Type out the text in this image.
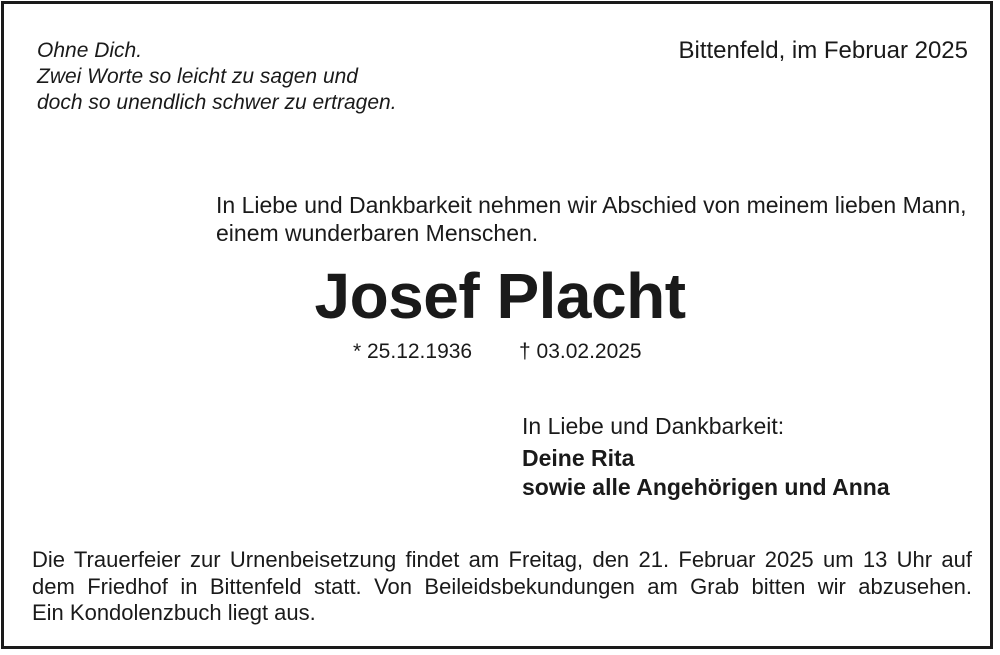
Ohne Dich.
Zwei Worte so leicht zu sagen und
doch so unendlich schwer zu ertragen.
Bittenfeld, im Februar 2025
In Liebe und Dankbarkeit nehmen wir Abschied von meinem lieben Mann,
einem wunderbaren Menschen.
Josef Placht
* 25.12.1936 † 03.02.2025
In Liebe und Dankbarkeit:
Deine Rita
sowie alle Angehörigen und Anna
Die Trauerfeier zur Urnenbeisetzung findet am Freitag, den 21. Februar 2025 um 13 Uhr auf
dem Friedhof in Bittenfeld statt. Von Beileidsbekundungen am Grab bitten wir abzusehen.
Ein Kondolenzbuch liegt aus.
